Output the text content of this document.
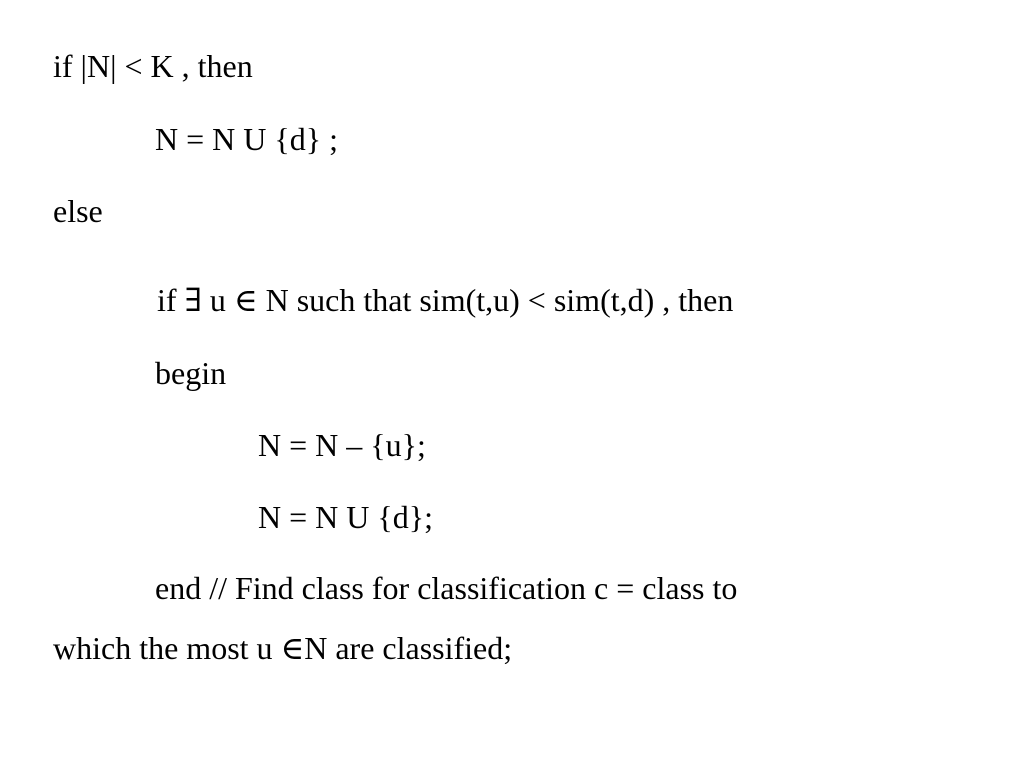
if |N| < K , then
N = N U {d} ;
else
if ∃ u ∈ N such that sim(t,u) < sim(t,d) , then
begin
N = N – {u};
N = N U {d};
end // Find class for classification c = class to
which the most u ∈N are classified;
